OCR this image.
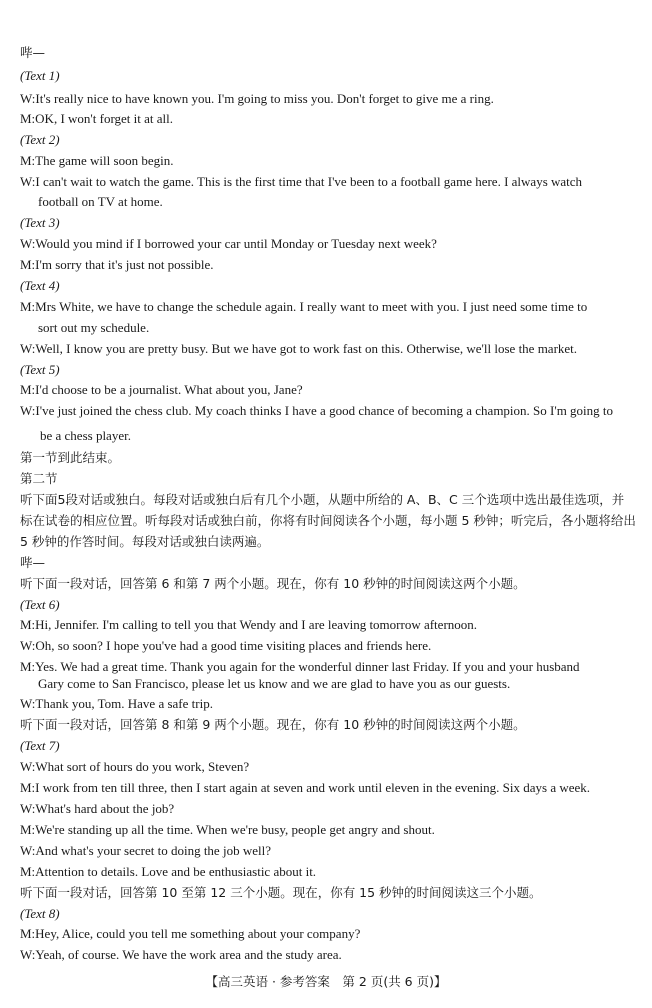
哔—
(Text 1)
W:It's really nice to have known you. I'm going to miss you. Don't forget to give me a ring.
M:OK, I won't forget it at all.
(Text 2)
M:The game will soon begin.
W:I can't wait to watch the game. This is the first time that I've been to a football game here. I always watch
football on TV at home.
(Text 3)
W:Would you mind if I borrowed your car until Monday or Tuesday next week?
M:I'm sorry that it's just not possible.
(Text 4)
M:Mrs White, we have to change the schedule again. I really want to meet with you. I just need some time to
sort out my schedule.
W:Well, I know you are pretty busy. But we have got to work fast on this. Otherwise, we'll lose the market.
(Text 5)
M:I'd choose to be a journalist. What about you, Jane?
W:I've just joined the chess club. My coach thinks I have a good chance of becoming a champion. So I'm going to
be a chess player.
第一节到此结束。
第二节
听下面5段对话或独白。每段对话或独白后有几个小题，从题中所给的 A、B、C 三个选项中选出最佳选项，并
标在试卷的相应位置。听每段对话或独白前，你将有时间阅读各个小题，每小题 5 秒钟；听完后，各小题将给出
5 秒钟的作答时间。每段对话或独白读两遍。
哔—
听下面一段对话，回答第 6 和第 7 两个小题。现在，你有 10 秒钟的时间阅读这两个小题。
(Text 6)
M:Hi, Jennifer. I'm calling to tell you that Wendy and I are leaving tomorrow afternoon.
W:Oh, so soon? I hope you've had a good time visiting places and friends here.
M:Yes. We had a great time. Thank you again for the wonderful dinner last Friday. If you and your husband
Gary come to San Francisco, please let us know and we are glad to have you as our guests.
W:Thank you, Tom. Have a safe trip.
听下面一段对话，回答第 8 和第 9 两个小题。现在，你有 10 秒钟的时间阅读这两个小题。
(Text 7)
W:What sort of hours do you work, Steven?
M:I work from ten till three, then I start again at seven and work until eleven in the evening. Six days a week.
W:What's hard about the job?
M:We're standing up all the time. When we're busy, people get angry and shout.
W:And what's your secret to doing the job well?
M:Attention to details. Love and be enthusiastic about it.
听下面一段对话，回答第 10 至第 12 三个小题。现在，你有 15 秒钟的时间阅读这三个小题。
(Text 8)
M:Hey, Alice, could you tell me something about your company?
W:Yeah, of course. We have the work area and the study area.
【高三英语 · 参考答案　第 2 页(共 6 页)】
